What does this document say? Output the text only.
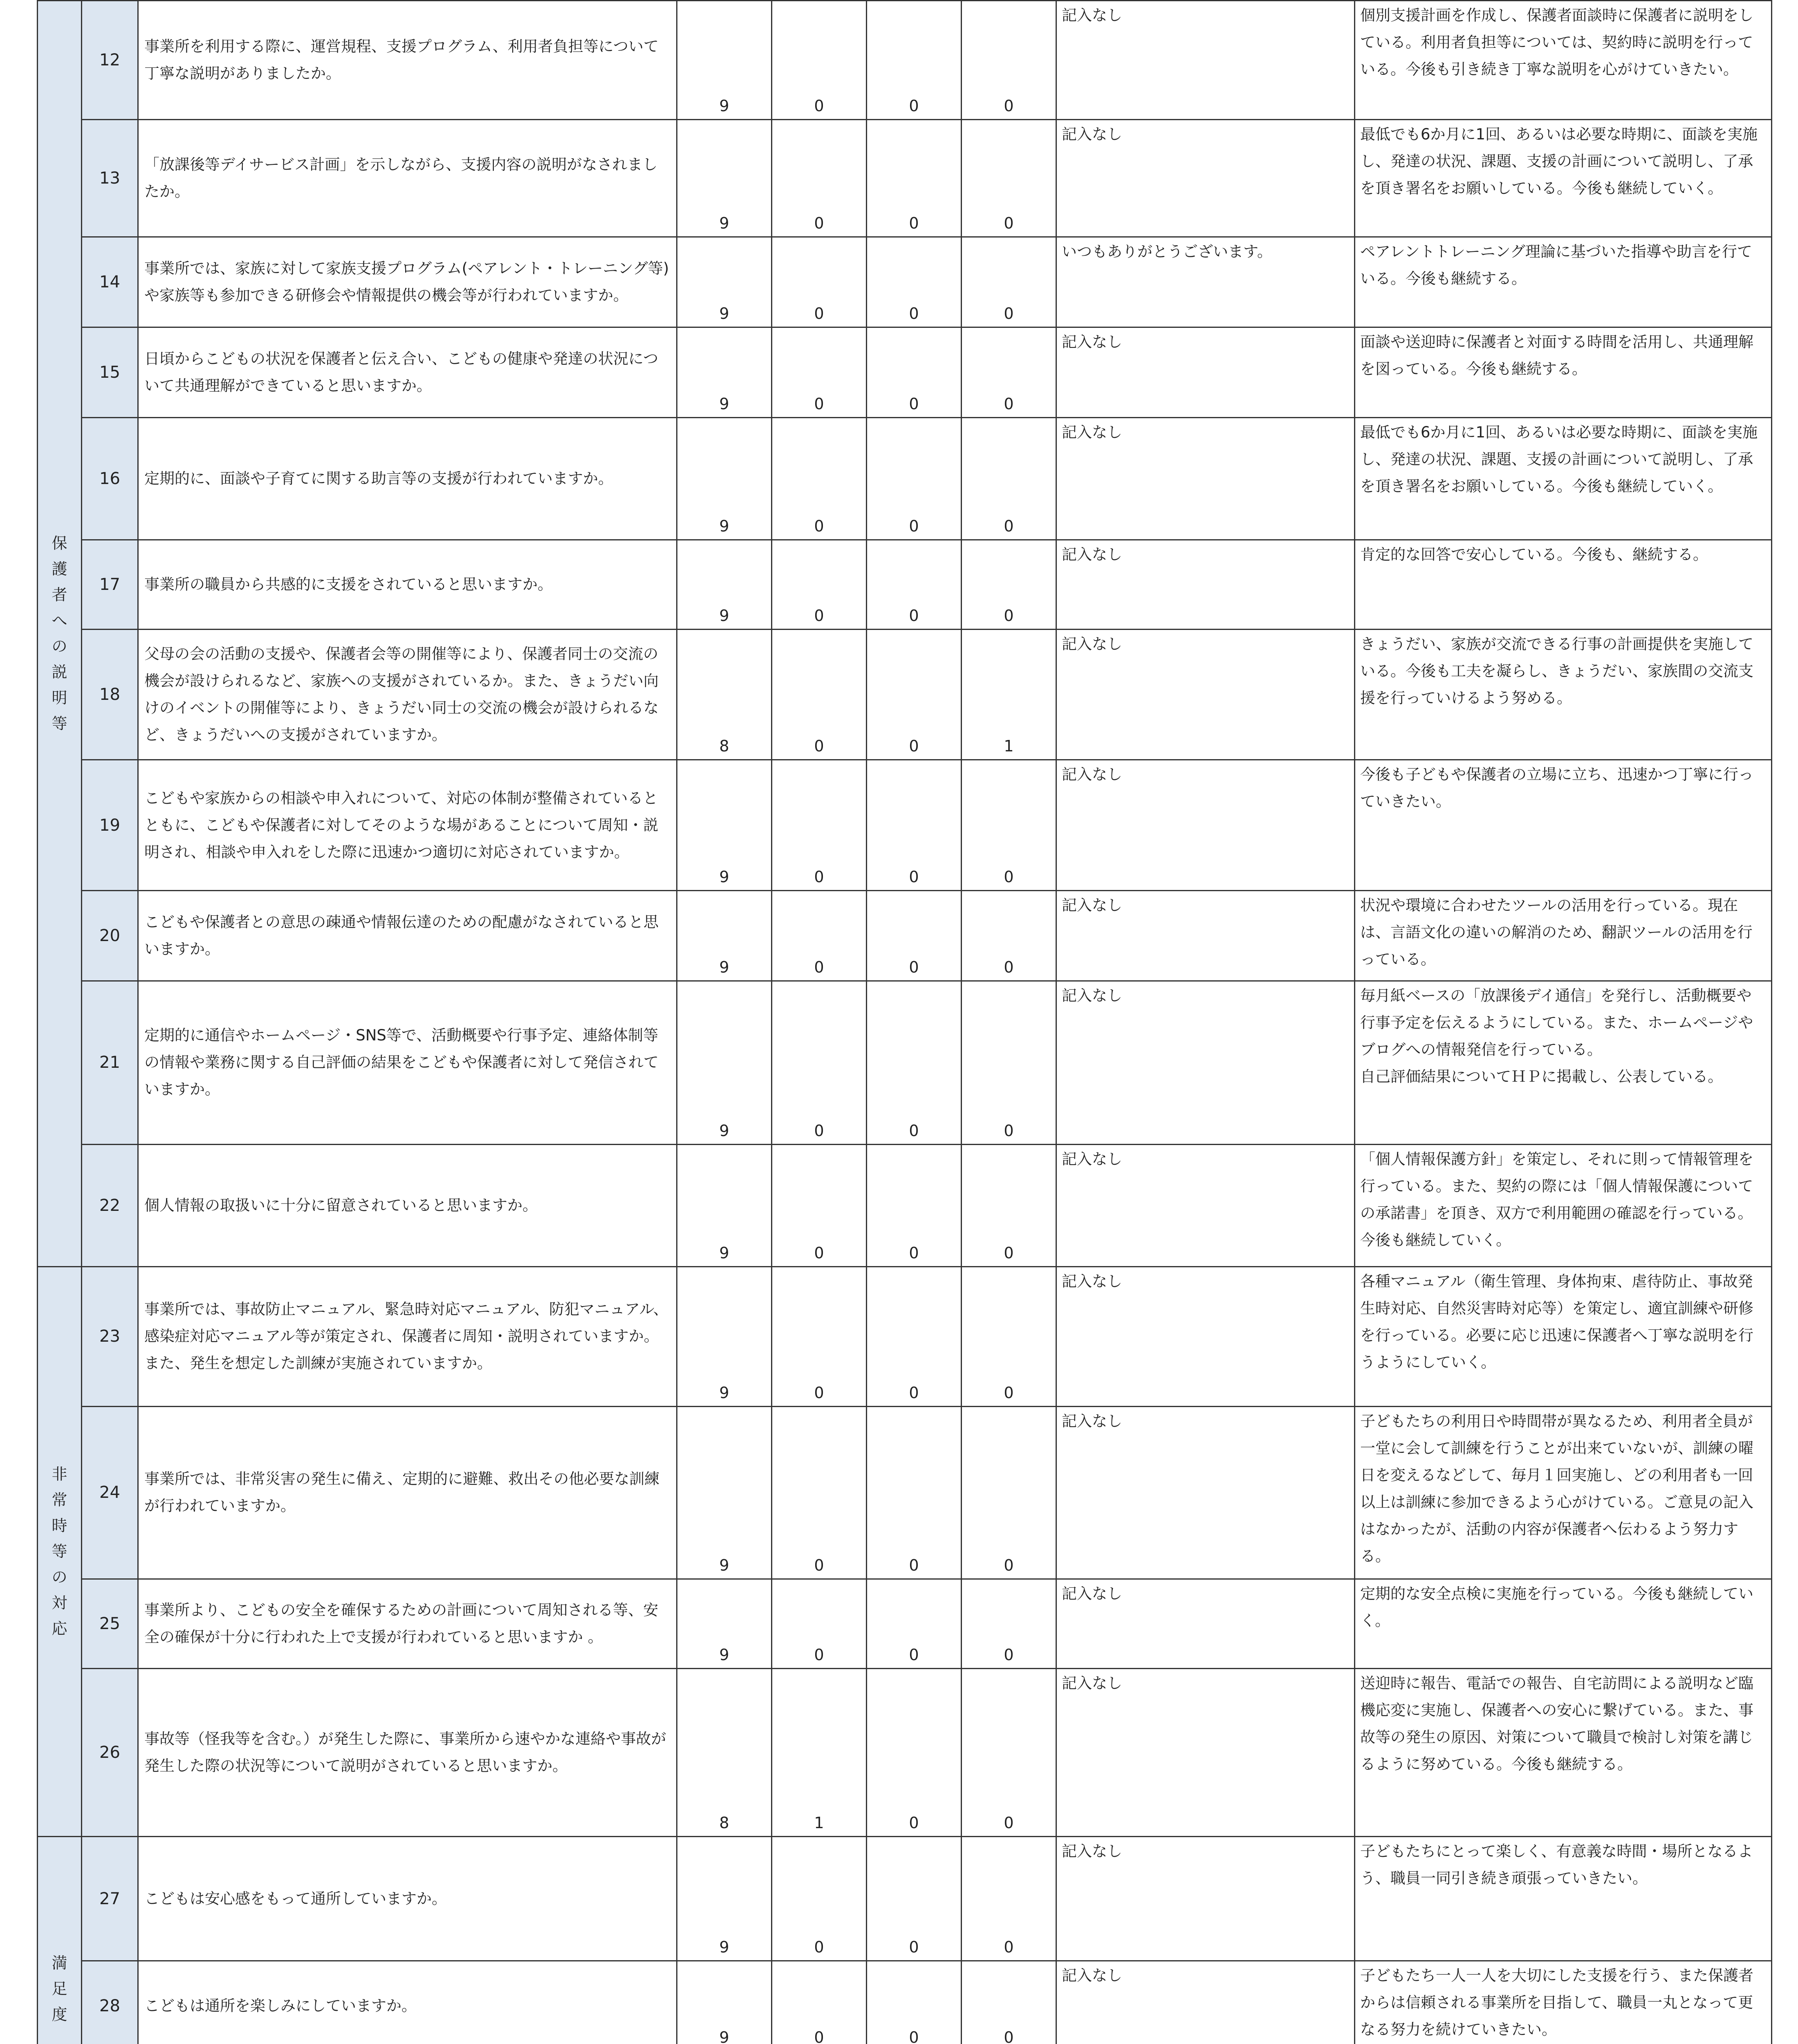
保護者への説明等	12	事業所を利用する際に、運営規程、支援プログラム、利用者負担等について丁寧な説明がありましたか。	9	0	0	0	記入なし	個別支援計画を作成し、保護者面談時に保護者に説明をしている。利用者負担等については、契約時に説明を行っている。今後も引き続き丁寧な説明を心がけていきたい。

	13	「放課後等デイサービス計画」を示しながら、支援内容の説明がなされましたか。	9	0	0	0	記入なし	最低でも6か月に1回、あるいは必要な時期に、面談を実施し、発達の状況、課題、支援の計画について説明し、了承を頂き署名をお願いしている。今後も継続していく。

	14	事業所では、家族に対して家族支援プログラム(ペアレント・トレーニング等)や家族等も参加できる研修会や情報提供の機会等が行われていますか。	9	0	0	0	いつもありがとうございます。	ペアレントトレーニング理論に基づいた指導や助言を行ている。今後も継続する。

	15	日頃からこどもの状況を保護者と伝え合い、こどもの健康や発達の状況について共通理解ができていると思いますか。	9	0	0	0	記入なし	面談や送迎時に保護者と対面する時間を活用し、共通理解を図っている。今後も継続する。

	16	定期的に、面談や子育てに関する助言等の支援が行われていますか。	9	0	0	0	記入なし	最低でも6か月に1回、あるいは必要な時期に、面談を実施し、発達の状況、課題、支援の計画について説明し、了承を頂き署名をお願いしている。今後も継続していく。

	17	事業所の職員から共感的に支援をされていると思いますか。	9	0	0	0	記入なし	肯定的な回答で安心している。今後も、継続する。

	18	父母の会の活動の支援や、保護者会等の開催等により、保護者同士の交流の機会が設けられるなど、家族への支援がされているか。また、きょうだい向けのイベントの開催等により、きょうだい同士の交流の機会が設けられるなど、きょうだいへの支援がされていますか。	8	0	0	1	記入なし	きょうだい、家族が交流できる行事の計画提供を実施している。今後も工夫を凝らし、きょうだい、家族間の交流支援を行っていけるよう努める。

	19	こどもや家族からの相談や申入れについて、対応の体制が整備されているとともに、こどもや保護者に対してそのような場があることについて周知・説明され、相談や申入れをした際に迅速かつ適切に対応されていますか。	9	0	0	0	記入なし	今後も子どもや保護者の立場に立ち、迅速かつ丁寧に行っていきたい。

	20	こどもや保護者との意思の疎通や情報伝達のための配慮がなされていると思いますか。	9	0	0	0	記入なし	状況や環境に合わせたツールの活用を行っている。現在は、言語文化の違いの解消のため、翻訳ツールの活用を行っている。

	21	定期的に通信やホームページ・SNS等で、活動概要や行事予定、連絡体制等の情報や業務に関する自己評価の結果をこどもや保護者に対して発信されていますか。	9	0	0	0	記入なし	毎月紙ベースの「放課後デイ通信」を発行し、活動概要や行事予定を伝えるようにしている。また、ホームページやブログへの情報発信を行っている。
自己評価結果についてＨＰに掲載し、公表している。

	22	個人情報の取扱いに十分に留意されていると思いますか。	9	0	0	0	記入なし	「個人情報保護方針」を策定し、それに則って情報管理を行っている。また、契約の際には「個人情報保護についての承諾書」を頂き、双方で利用範囲の確認を行っている。今後も継続していく。

非常時等の対応	23	事業所では、事故防止マニュアル、緊急時対応マニュアル、防犯マニュアル、感染症対応マニュアル等が策定され、保護者に周知・説明されていますか。また、発生を想定した訓練が実施されていますか。	9	0	0	0	記入なし	各種マニュアル（衛生管理、身体拘束、虐待防止、事故発生時対応、自然災害時対応等）を策定し、適宜訓練や研修を行っている。必要に応じ迅速に保護者へ丁寧な説明を行うようにしていく。

	24	事業所では、非常災害の発生に備え、定期的に避難、救出その他必要な訓練が行われていますか。	9	0	0	0	記入なし	子どもたちの利用日や時間帯が異なるため、利用者全員が一堂に会して訓練を行うことが出来ていないが、訓練の曜日を変えるなどして、毎月１回実施し、どの利用者も一回以上は訓練に参加できるよう心がけている。ご意見の記入はなかったが、活動の内容が保護者へ伝わるよう努力する。

	25	事業所より、こどもの安全を確保するための計画について周知される等、安全の確保が十分に行われた上で支援が行われていると思いますか 。	9	0	0	0	記入なし	定期的な安全点検に実施を行っている。今後も継続していく。

	26	事故等（怪我等を含む。）が発生した際に、事業所から速やかな連絡や事故が発生した際の状況等について説明がされていると思いますか。	8	1	0	0	記入なし	送迎時に報告、電話での報告、自宅訪問による説明など臨機応変に実施し、保護者への安心に繋げている。また、事故等の発生の原因、対策について職員で検討し対策を講じるように努めている。今後も継続する。

満足度	27	こどもは安心感をもって通所していますか。	9	0	0	0	記入なし	子どもたちにとって楽しく、有意義な時間・場所となるよう、職員一同引き続き頑張っていきたい。

	28	こどもは通所を楽しみにしていますか。	9	0	0	0	記入なし	子どもたち一人一人を大切にした支援を行う、また保護者からは信頼される事業所を目指して、職員一丸となって更なる努力を続けていきたい。
